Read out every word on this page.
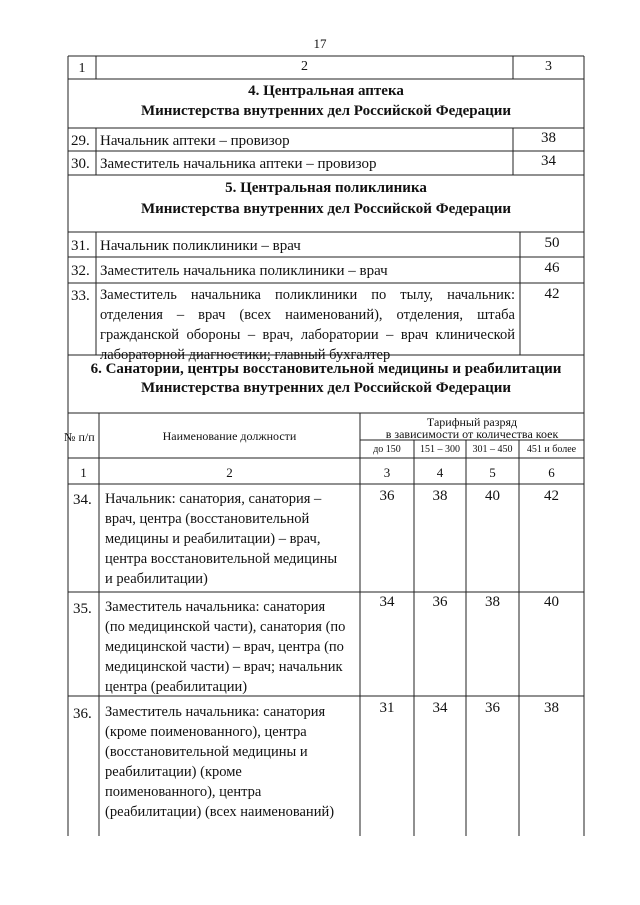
17
1	2	3
4. Центральная аптека
Министерства внутренних дел Российской Федерации
29. Начальник аптеки – провизор	38
30. Заместитель начальника аптеки – провизор	34
5. Центральная поликлиника
Министерства внутренних дел Российской Федерации
31. Начальник поликлиники – врач	50
32. Заместитель начальника поликлиники – врач	46
33. Заместитель начальника поликлиники по тылу, начальник:
отделения – врач (всех наименований), отделения, штаба
гражданской обороны – врач, лаборатории – врач клинической
лабораторной диагностики; главный бухгалтер
42
6. Санатории, центры восстановительной медицины и реабилитации
Министерства внутренних дел Российской Федерации
№ п/п	Наименование должности
Тарифный разряд
в зависимости от количества коек
до 150	151 – 300	301 – 450	451 и более
1	2	3	4	5	6
34. Начальник: санатория, санатория –
врач, центра (восстановительной
медицины и реабилитации) – врач,
центра восстановительной медицины
и реабилитации)
36	38	40	42
35. Заместитель начальника: санатория
(по медицинской части), санатория (по
медицинской части) – врач, центра (по
медицинской части) – врач; начальник
центра (реабилитации)
34	36	38	40
36. Заместитель начальника: санатория
(кроме поименованного), центра
(восстановительной медицины и
реабилитации) (кроме
поименованного), центра
(реабилитации) (всех наименований)
31	34	36	38
